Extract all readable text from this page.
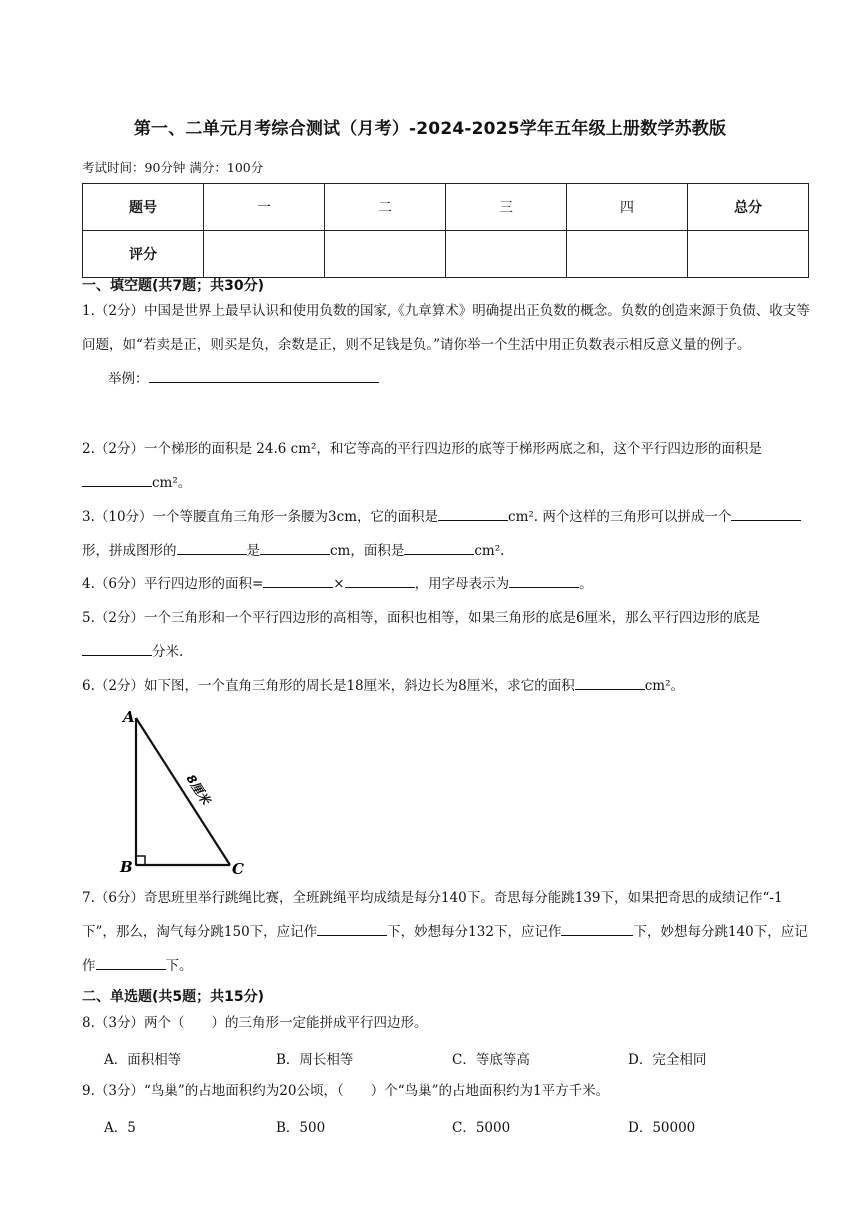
第一、二单元月考综合测试（月考）-2024-2025学年五年级上册数学苏教版
考试时间：90分钟 满分：100分
题号	一	二	三	四	总分
评分					
一、填空题(共7题；共30分)
1.（2分）中国是世界上最早认识和使用负数的国家,《九章算术》明确提出正负数的概念。负数的创造来源于负债、收支等问题，如“若卖是正，则买是负，余数是正，则不足钱是负。”请你举一个生活中用正负数表示相反意义量的例子。
举例：
2.（2分）一个梯形的面积是 24.6 cm²，和它等高的平行四边形的底等于梯形两底之和，这个平行四边形的面积是cm²。
3.（10分）一个等腰直角三角形一条腰为3cm，它的面积是	cm². 两个这样的三角形可以拼成一个形，拼成图形的	是	cm，面积是	cm².
4.（6分）平行四边形的面积=	×	，用字母表示为	。
5.（2分）一个三角形和一个平行四边形的高相等，面积也相等，如果三角形的底是6厘米，那么平行四边形的底是分米.
6.（2分）如下图，一个直角三角形的周长是18厘米，斜边长为8厘米，求它的面积	cm²。
A
B	C
8厘米
7.（6分）奇思班里举行跳绳比赛，全班跳绳平均成绩是每分140下。奇思每分能跳139下，如果把奇思的成绩记作“-1下”，那么，淘气每分跳150下，应记作	下，妙想每分132下，应记作	下，妙想每分跳140下，应记作	下。
二、单选题(共5题；共15分)
8.（3分）两个（　　）的三角形一定能拼成平行四边形。
A．面积相等	B．周长相等	C．等底等高	D．完全相同
9.（3分）“鸟巢”的占地面积约为20公顷，（　　）个“鸟巢”的占地面积约为1平方千米。
A．5	B．500	C．5000	D．50000
